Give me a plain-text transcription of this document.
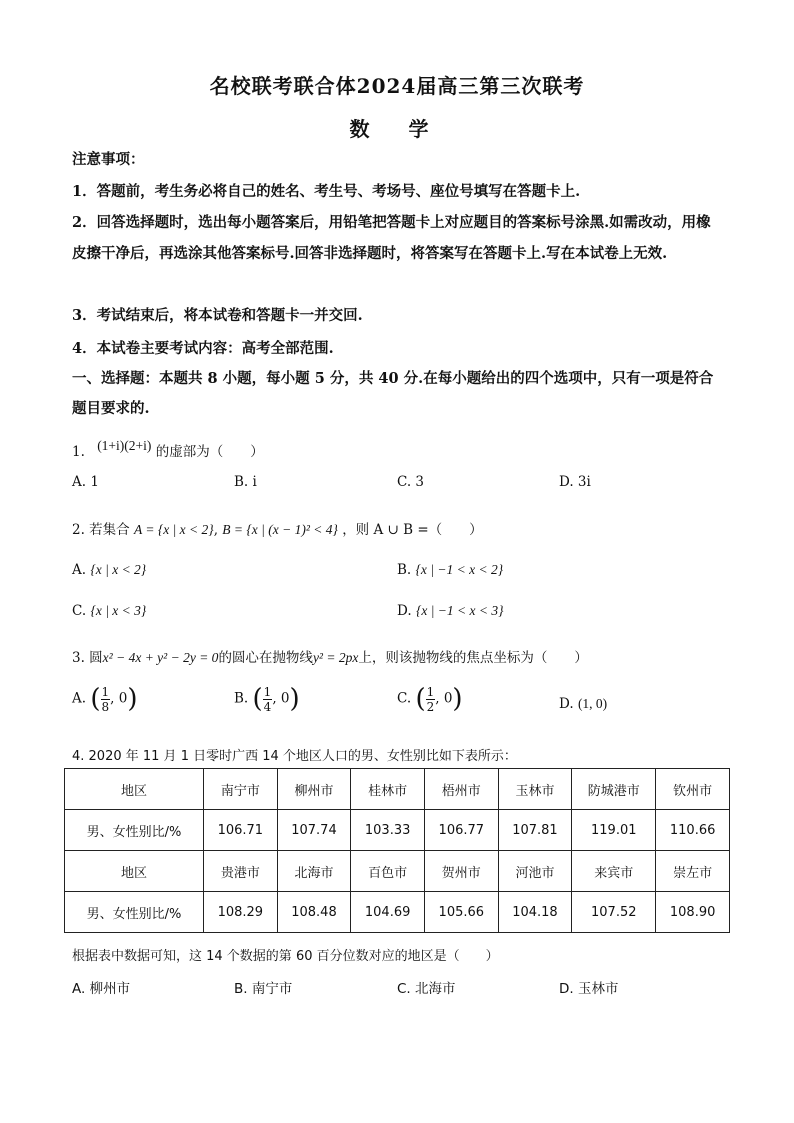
名校联考联合体2024届高三第三次联考
数 学
注意事项：
1．答题前，考生务必将自己的姓名、考生号、考场号、座位号填写在答题卡上.
2．回答选择题时，选出每小题答案后，用铅笔把答题卡上对应题目的答案标号涂黑.如需改动，用橡皮擦干净后，再选涂其他答案标号.回答非选择题时，将答案写在答题卡上.写在本试卷上无效.
3．考试结束后，将本试卷和答题卡一并交回.
4．本试卷主要考试内容：高考全部范围.
一、选择题：本题共 8 小题，每小题 5 分，共 40 分.在每小题给出的四个选项中，只有一项是符合题目要求的.
1. (1+i)(2+i) 的虚部为（　　）
A. 1	B. i	C. 3	D. 3i
2. 若集合 A = {x | x < 2}, B = {x | (x − 1)² < 4} ，则 A ∪ B =（　　）
A. {x | x < 2}	B. {x | −1 < x < 2}
C. {x | x < 3}	D. {x | −1 < x < 3}
3. 圆x² − 4x + y² − 2y = 0的圆心在抛物线y² = 2px上，则该抛物线的焦点坐标为（　　）
A. ( $\frac{1}{8}$ , 0)	B. ( $\frac{1}{4}$ , 0)	C. ( $\frac{1}{2}$ , 0)	D. (1, 0)
4. 2020 年 11 月 1 日零时广西 14 个地区人口的男、女性别比如下表所示：
地区	南宁市	柳州市	桂林市	梧州市	玉林市	防城港市	钦州市
男、女性别比/%	106.71	107.74	103.33	106.77	107.81	119.01	110.66
地区	贵港市	北海市	百色市	贺州市	河池市	来宾市	崇左市
男、女性别比/%	108.29	108.48	104.69	105.66	104.18	107.52	108.90
根据表中数据可知，这 14 个数据的第 60 百分位数对应的地区是（　　）
A. 柳州市	B. 南宁市	C. 北海市	D. 玉林市
